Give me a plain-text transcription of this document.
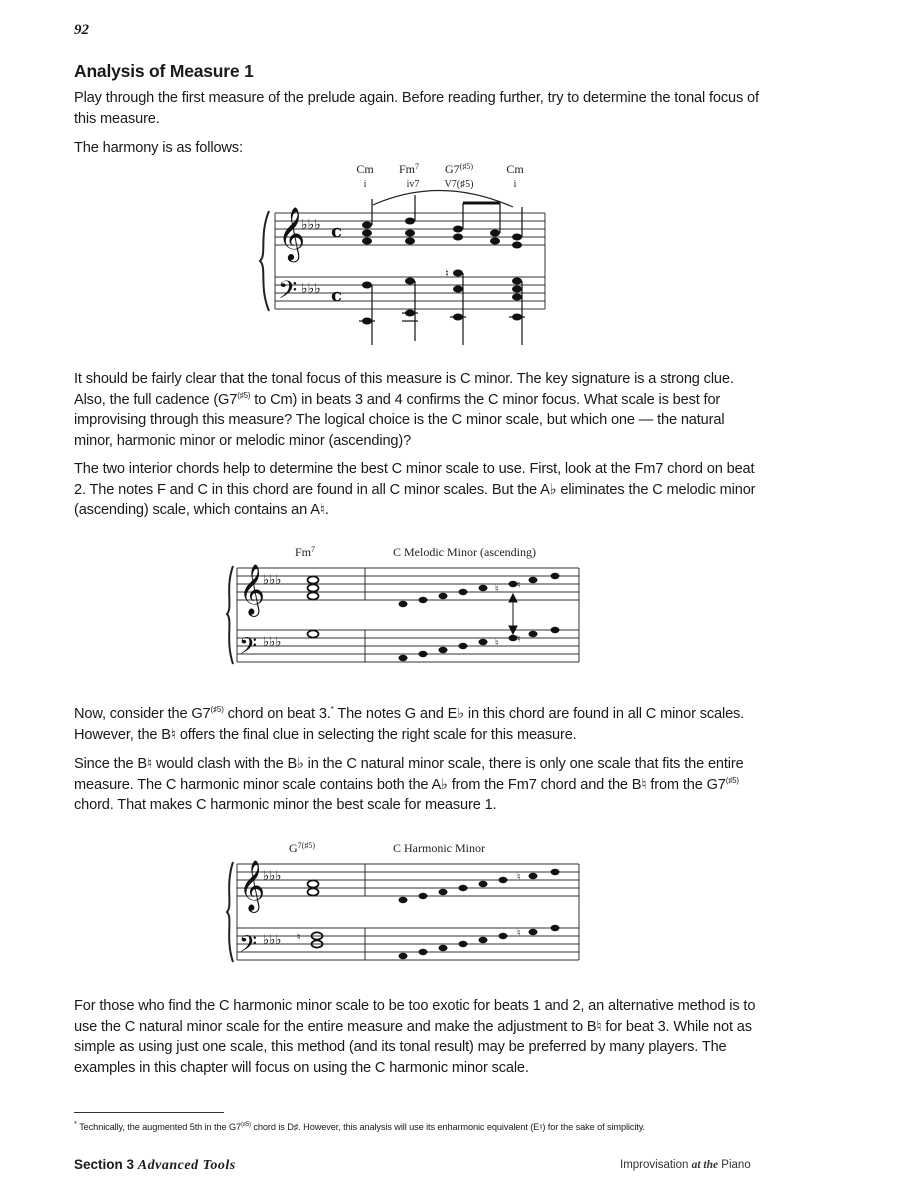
92
Analysis of Measure 1
Play through the first measure of the prelude again. Before reading further, try to determine the tonal focus of this measure.
The harmony is as follows:
Cm
i
Fm$^7$
iv7
$G7^{(♯5)}$
V7(♯5)
Cm
i
𝄞
𝄢
♭♭♭
♭♭♭
c
c
♮
It should be fairly clear that the tonal focus of this measure is C minor. The key signature is a strong clue. Also, the full cadence ($G7^{(♯5)}$ to Cm) in beats 3 and 4 confirms the C minor focus. What scale is best for improvising through this measure? The logical choice is the C minor scale, but which one — the natural minor, harmonic minor or melodic minor (ascending)?
The two interior chords help to determine the best C minor scale to use. First, look at the Fm7 chord on beat 2. The notes F and C in this chord are found in all C minor scales. But the A♭ eliminates the C melodic minor (ascending) scale, which contains an A♮.
Fm$^7$	C Melodic Minor (ascending)
𝄞
𝄢
♭♭♭
♭♭♭
♮ ♮
♮ ♮
Now, consider the $G7^{(♯5)}$ chord on beat 3.* The notes G and E♭ in this chord are found in all C minor scales. However, the B♮ offers the final clue in selecting the right scale for this measure.
Since the B♮ would clash with the B♭ in the C natural minor scale, there is only one scale that fits the entire measure. The C harmonic minor scale contains both the A♭ from the Fm7 chord and the B♮ from the $G7^{(♯5)}$ chord. That makes C harmonic minor the best scale for measure 1.
$G^{7(♯5)}$	C Harmonic Minor
𝄞
𝄢
♭♭♭
♭♭♭ ♮
♮
♮
For those who find the C harmonic minor scale to be too exotic for beats 1 and 2, an alternative method is to use the C natural minor scale for the entire measure and make the adjustment to B♮ for beat 3. While not as simple as using just one scale, this method (and its tonal result) may be preferred by many players. The examples in this chapter will focus on using the C harmonic minor scale.
* Technically, the augmented 5th in the $G7^{(♯5)}$ chord is D♯. However, this analysis will use its enharmonic equivalent (E♮) for the sake of simplicity.
Section 3 Advanced Tools	Improvisation at the Piano
